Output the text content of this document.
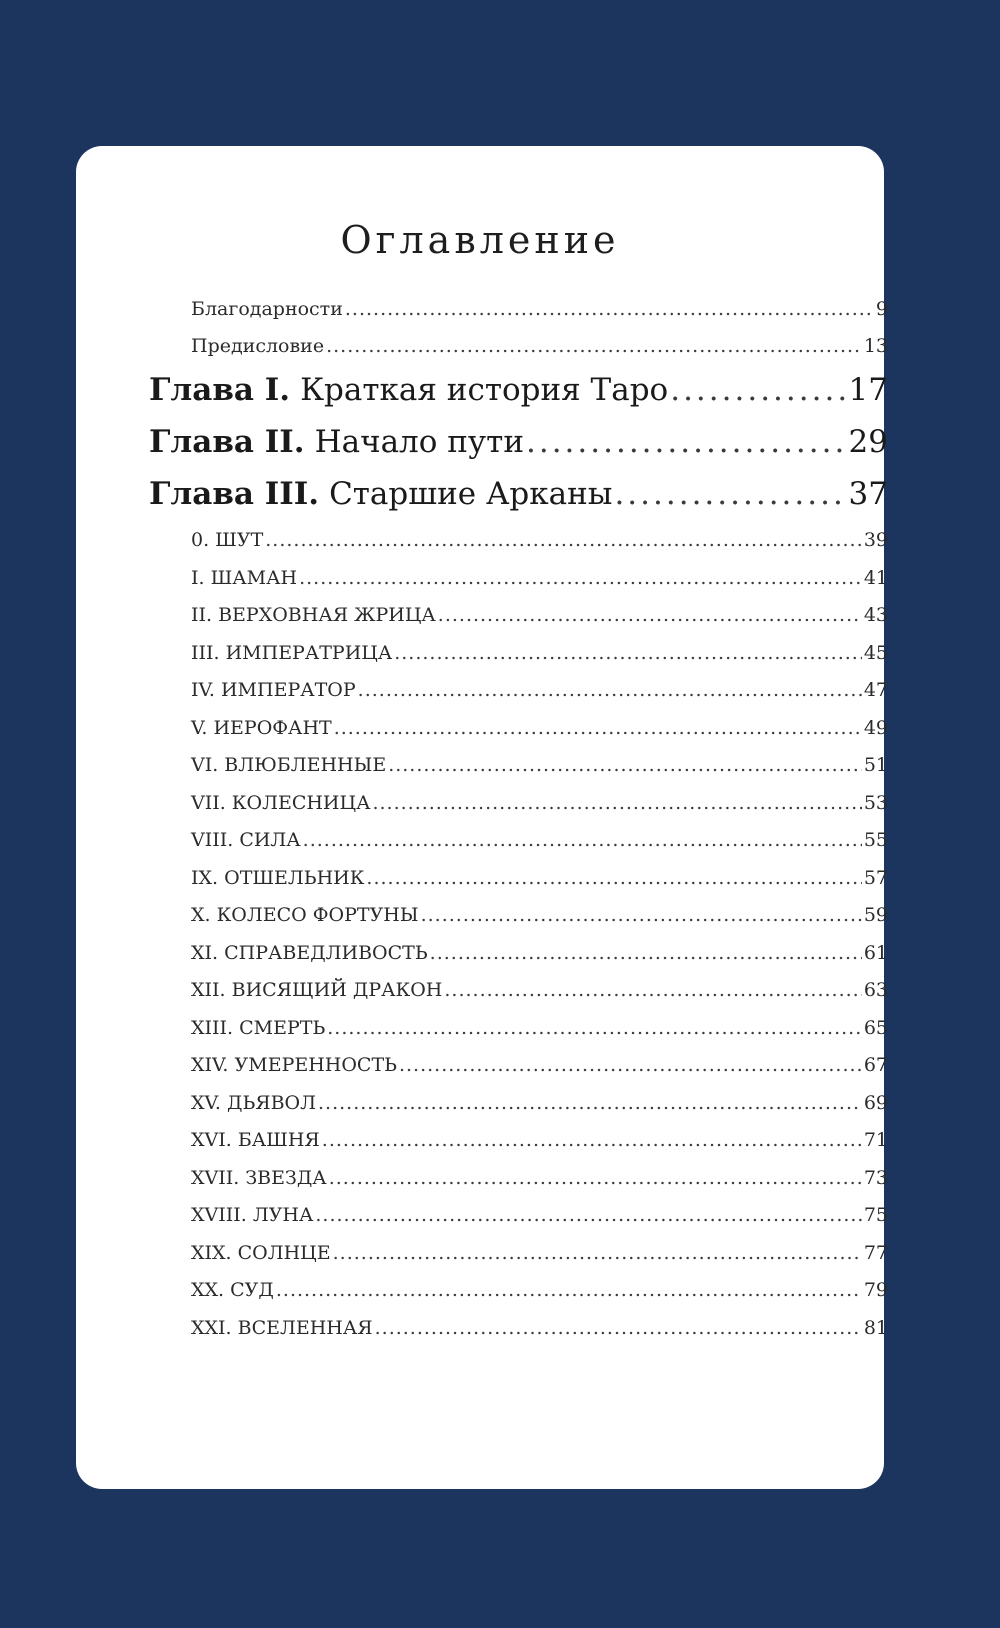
Оглавление
Благодарности .....	9
Предисловие .....	13
Глава I. Краткая история Таро .....	17
Глава II. Начало пути .....	29
Глава III. Старшие Арканы .....	37
0. ШУТ .....	39
I. ШАМАН .....	41
II. ВЕРХОВНАЯ ЖРИЦА .....	43
III. ИМПЕРАТРИЦА .....	45
IV. ИМПЕРАТОР .....	47
V. ИЕРОФАНТ .....	49
VI. ВЛЮБЛЕННЫЕ .....	51
VII. КОЛЕСНИЦА .....	53
VIII. СИЛА .....	55
IX. ОТШЕЛЬНИК .....	57
X. КОЛЕСО ФОРТУНЫ .....	59
XI. СПРАВЕДЛИВОСТЬ .....	61
XII. ВИСЯЩИЙ ДРАКОН .....	63
XIII. СМЕРТЬ .....	65
XIV. УМЕРЕННОСТЬ .....	67
XV. ДЬЯВОЛ .....	69
XVI. БАШНЯ .....	71
XVII. ЗВЕЗДА .....	73
XVIII. ЛУНА .....	75
XIX. СОЛНЦЕ .....	77
XX. СУД .....	79
XXI. ВСЕЛЕННАЯ .....	81
